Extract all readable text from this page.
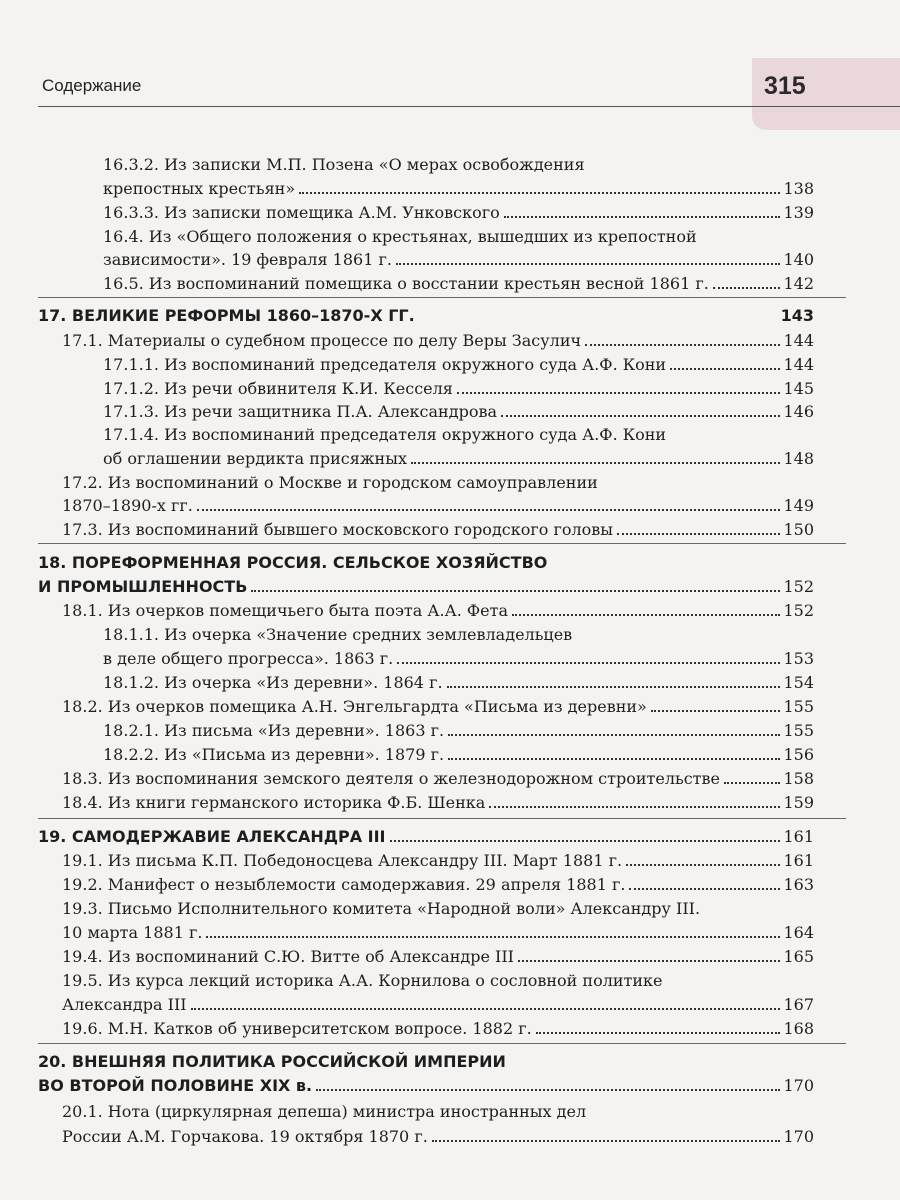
Содержание	315
16.3.2. Из записки М.П. Позена «О мерах освобождения
крепостных крестьян»	138
16.3.3. Из записки помещика А.М. Унковского	139
16.4. Из «Общего положения о крестьянах, вышедших из крепостной
зависимости». 19 февраля 1861 г.	140
16.5. Из воспоминаний помещика о восстании крестьян весной 1861 г.	142
17. ВЕЛИКИЕ РЕФОРМЫ 1860–1870-Х ГГ.	143
17.1. Материалы о судебном процессе по делу Веры Засулич	144
17.1.1. Из воспоминаний председателя окружного суда А.Ф. Кони	144
17.1.2. Из речи обвинителя К.И. Кесселя	145
17.1.3. Из речи защитника П.А. Александрова	146
17.1.4. Из воспоминаний председателя окружного суда А.Ф. Кони
об оглашении вердикта присяжных	148
17.2. Из воспоминаний о Москве и городском самоуправлении
1870–1890-х гг.	149
17.3. Из воспоминаний бывшего московского городского головы	150
18. ПОРЕФОРМЕННАЯ РОССИЯ. СЕЛЬСКОЕ ХОЗЯЙСТВО
И ПРОМЫШЛЕННОСТЬ	152
18.1. Из очерков помещичьего быта поэта А.А. Фета	152
18.1.1. Из очерка «Значение средних землевладельцев
в деле общего прогресса». 1863 г.	153
18.1.2. Из очерка «Из деревни». 1864 г.	154
18.2. Из очерков помещика А.Н. Энгельгардта «Письма из деревни»	155
18.2.1. Из письма «Из деревни». 1863 г.	155
18.2.2. Из «Письма из деревни». 1879 г.	156
18.3. Из воспоминания земского деятеля о железнодорожном строительстве	158
18.4. Из книги германского историка Ф.Б. Шенка	159
19. САМОДЕРЖАВИЕ АЛЕКСАНДРА III	161
19.1. Из письма К.П. Победоносцева Александру III. Март 1881 г.	161
19.2. Манифест о незыблемости самодержавия. 29 апреля 1881 г.	163
19.3. Письмо Исполнительного комитета «Народной воли» Александру III.
10 марта 1881 г.	164
19.4. Из воспоминаний С.Ю. Витте об Александре III	165
19.5. Из курса лекций историка А.А. Корнилова о сословной политике
Александра III	167
19.6. М.Н. Катков об университетском вопросе. 1882 г.	168
20. ВНЕШНЯЯ ПОЛИТИКА РОССИЙСКОЙ ИМПЕРИИ
ВО ВТОРОЙ ПОЛОВИНЕ XIX в.	170
20.1. Нота (циркулярная депеша) министра иностранных дел
России А.М. Горчакова. 19 октября 1870 г.	170
